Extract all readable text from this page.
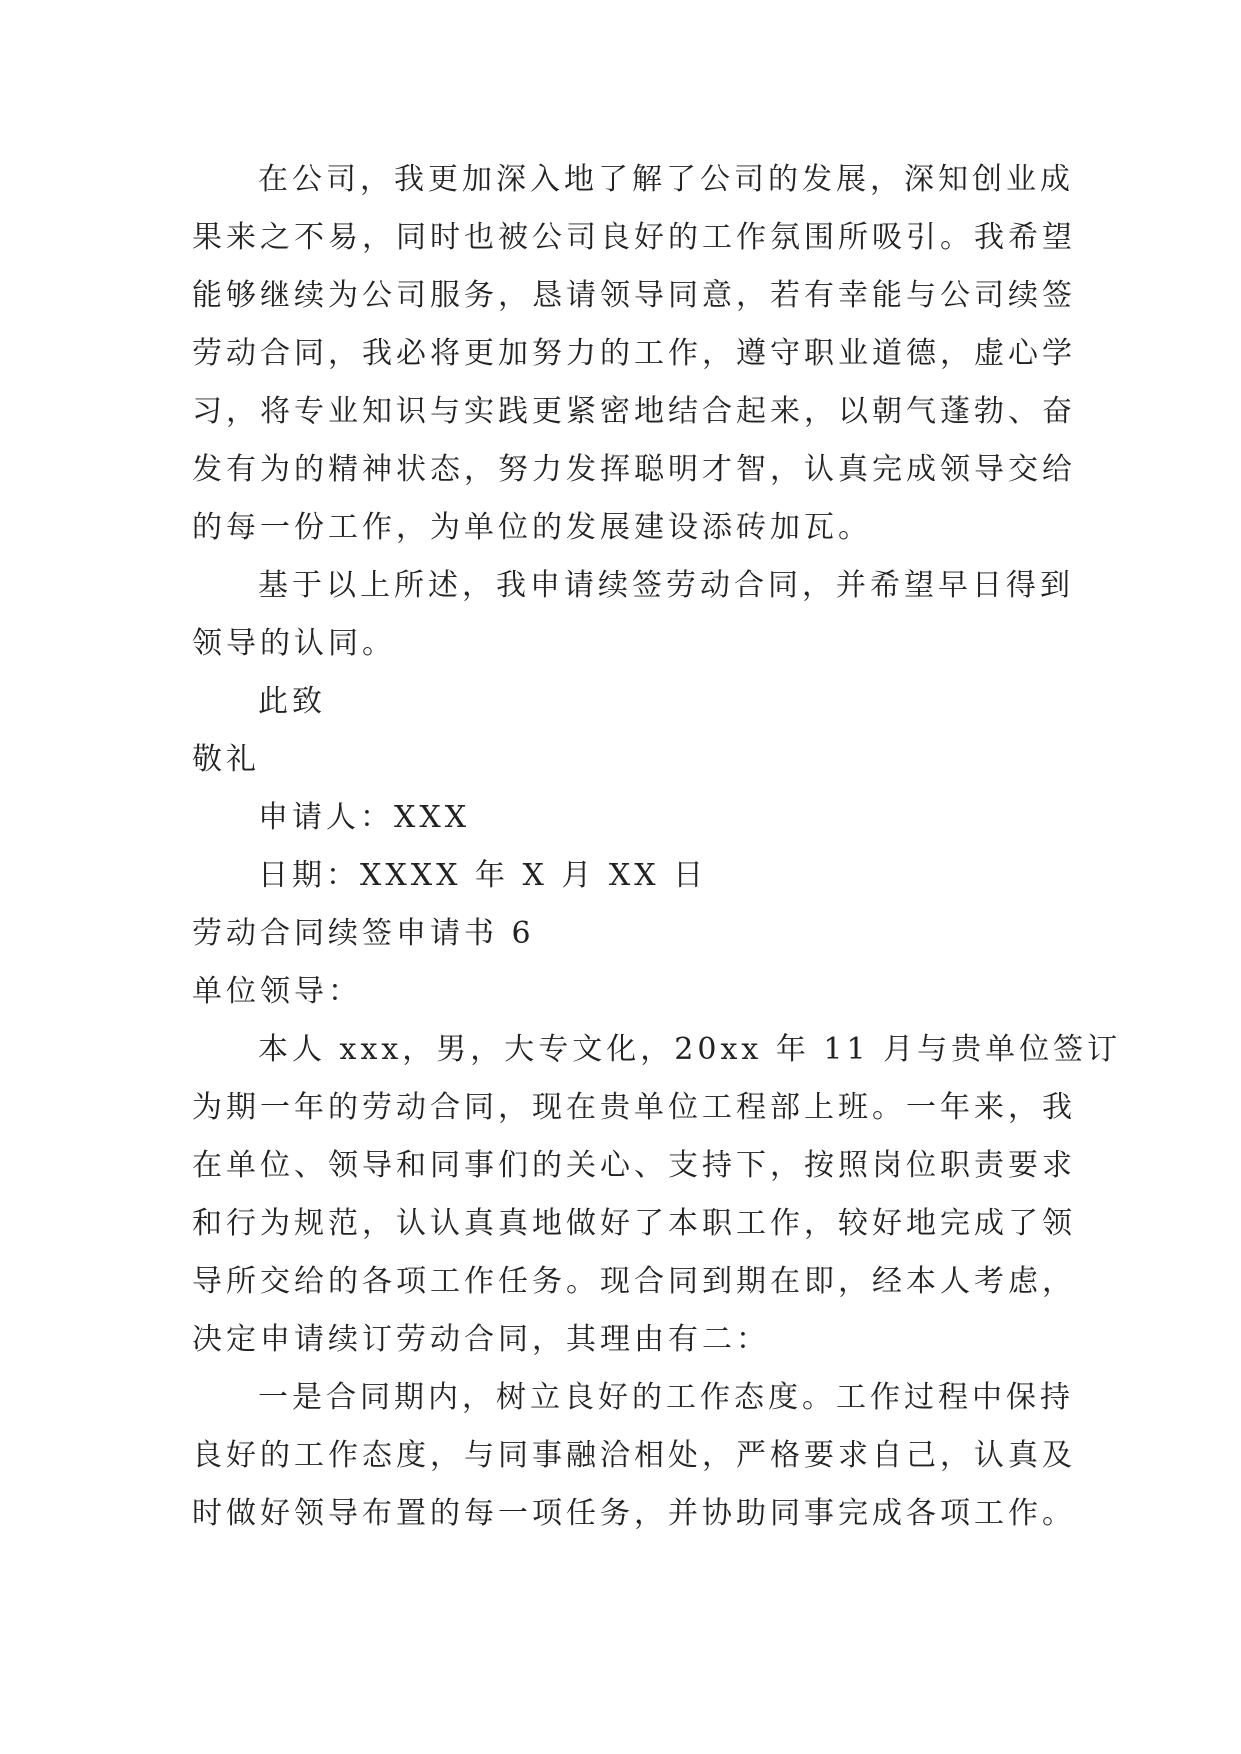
在公司，我更加深入地了解了公司的发展，深知创业成
果来之不易，同时也被公司良好的工作氛围所吸引。我希望
能够继续为公司服务，恳请领导同意，若有幸能与公司续签
劳动合同，我必将更加努力的工作，遵守职业道德，虚心学
习，将专业知识与实践更紧密地结合起来，以朝气蓬勃、奋
发有为的精神状态，努力发挥聪明才智，认真完成领导交给
的每一份工作，为单位的发展建设添砖加瓦。
基于以上所述，我申请续签劳动合同，并希望早日得到
领导的认同。
此致
敬礼
申请人：XXX
日期：XXXX 年 X 月 XX 日
劳动合同续签申请书 6
单位领导：
本人 xxx，男，大专文化，20xx 年 11 月与贵单位签订
为期一年的劳动合同，现在贵单位工程部上班。一年来，我
在单位、领导和同事们的关心、支持下，按照岗位职责要求
和行为规范，认认真真地做好了本职工作，较好地完成了领
导所交给的各项工作任务。现合同到期在即，经本人考虑，
决定申请续订劳动合同，其理由有二：
一是合同期内，树立良好的工作态度。工作过程中保持
良好的工作态度，与同事融洽相处，严格要求自己，认真及
时做好领导布置的每一项任务，并协助同事完成各项工作。
